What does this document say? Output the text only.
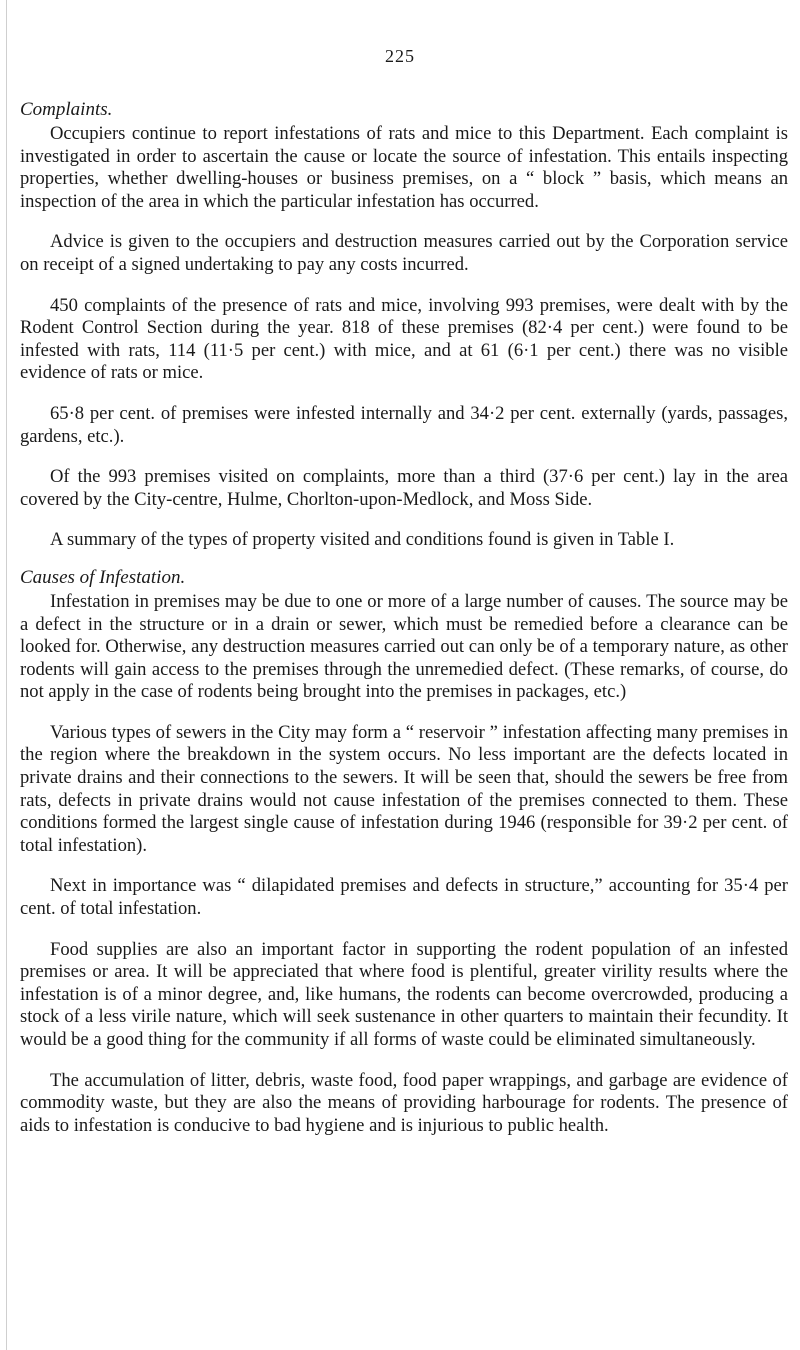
225

Complaints.

Occupiers continue to report infestations of rats and mice to this Department. Each complaint is investigated in order to ascertain the cause or locate the source of infestation. This entails inspecting properties, whether dwelling-houses or business premises, on a “ block ” basis, which means an inspection of the area in which the particular infestation has occurred.

Advice is given to the occupiers and destruction measures carried out by the Corporation service on receipt of a signed undertaking to pay any costs incurred.

450 complaints of the presence of rats and mice, involving 993 premises, were dealt with by the Rodent Control Section during the year. 818 of these premises (82·4 per cent.) were found to be infested with rats, 114 (11·5 per cent.) with mice, and at 61 (6·1 per cent.) there was no visible evidence of rats or mice.

65·8 per cent. of premises were infested internally and 34·2 per cent. externally (yards, passages, gardens, etc.).

Of the 993 premises visited on complaints, more than a third (37·6 per cent.) lay in the area covered by the City-centre, Hulme, Chorlton-upon-Medlock, and Moss Side.

A summary of the types of property visited and conditions found is given in Table I.

Causes of Infestation.

Infestation in premises may be due to one or more of a large number of causes. The source may be a defect in the structure or in a drain or sewer, which must be remedied before a clearance can be looked for. Otherwise, any destruction measures carried out can only be of a temporary nature, as other rodents will gain access to the premises through the unremedied defect. (These remarks, of course, do not apply in the case of rodents being brought into the premises in packages, etc.)

Various types of sewers in the City may form a “ reservoir ” infestation affecting many premises in the region where the breakdown in the system occurs. No less important are the defects located in private drains and their connections to the sewers. It will be seen that, should the sewers be free from rats, defects in private drains would not cause infestation of the premises connected to them. These conditions formed the largest single cause of infestation during 1946 (responsible for 39·2 per cent. of total infestation).

Next in importance was “ dilapidated premises and defects in structure,” accounting for 35·4 per cent. of total infestation.

Food supplies are also an important factor in supporting the rodent population of an infested premises or area. It will be appreciated that where food is plentiful, greater virility results where the infestation is of a minor degree, and, like humans, the rodents can become overcrowded, producing a stock of a less virile nature, which will seek sustenance in other quarters to maintain their fecundity. It would be a good thing for the community if all forms of waste could be eliminated simultaneously.

The accumulation of litter, debris, waste food, food paper wrappings, and garbage are evidence of commodity waste, but they are also the means of providing harbourage for rodents. The presence of aids to infestation is conducive to bad hygiene and is injurious to public health.
